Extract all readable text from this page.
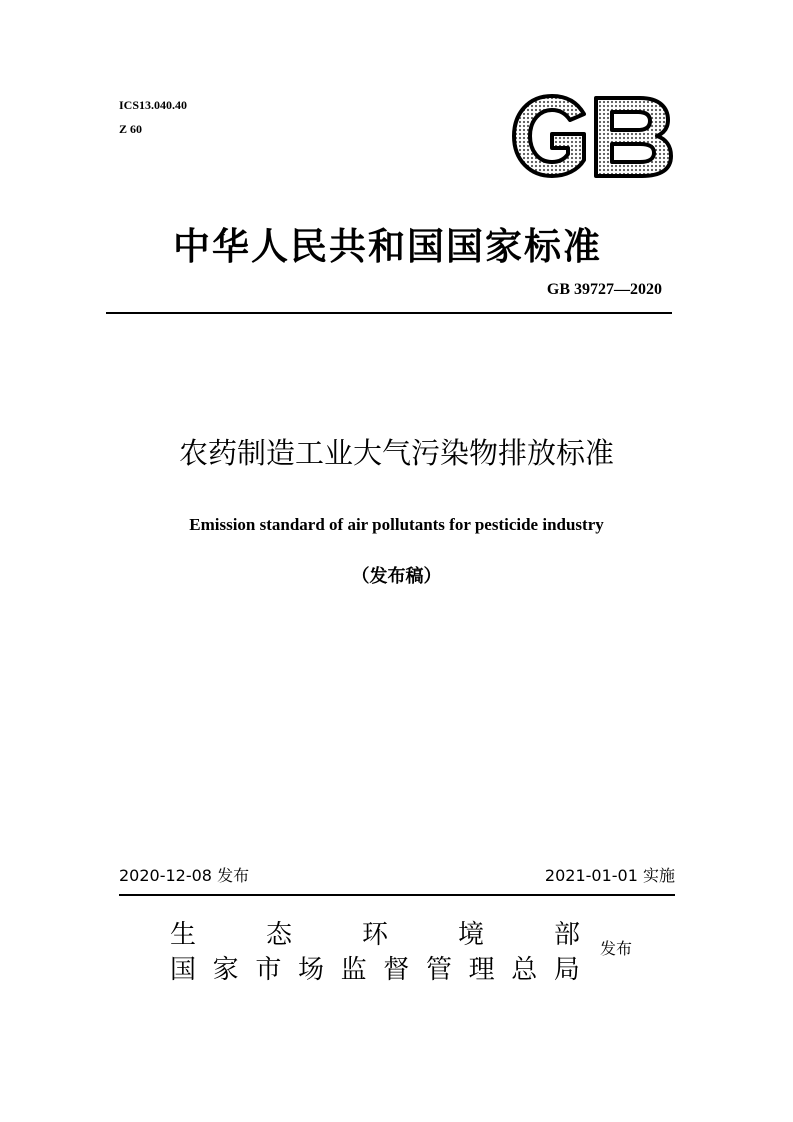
ICS13.040.40
Z 60
中华人民共和国国家标准
GB 39727—2020
农药制造工业大气污染物排放标准
Emission standard of air pollutants for pesticide industry
（发布稿）
2020-12-08 发布	2021-01-01 实施
生	态	环	境	部
国 家 市 场 监 督 管 理 总 局
发布
